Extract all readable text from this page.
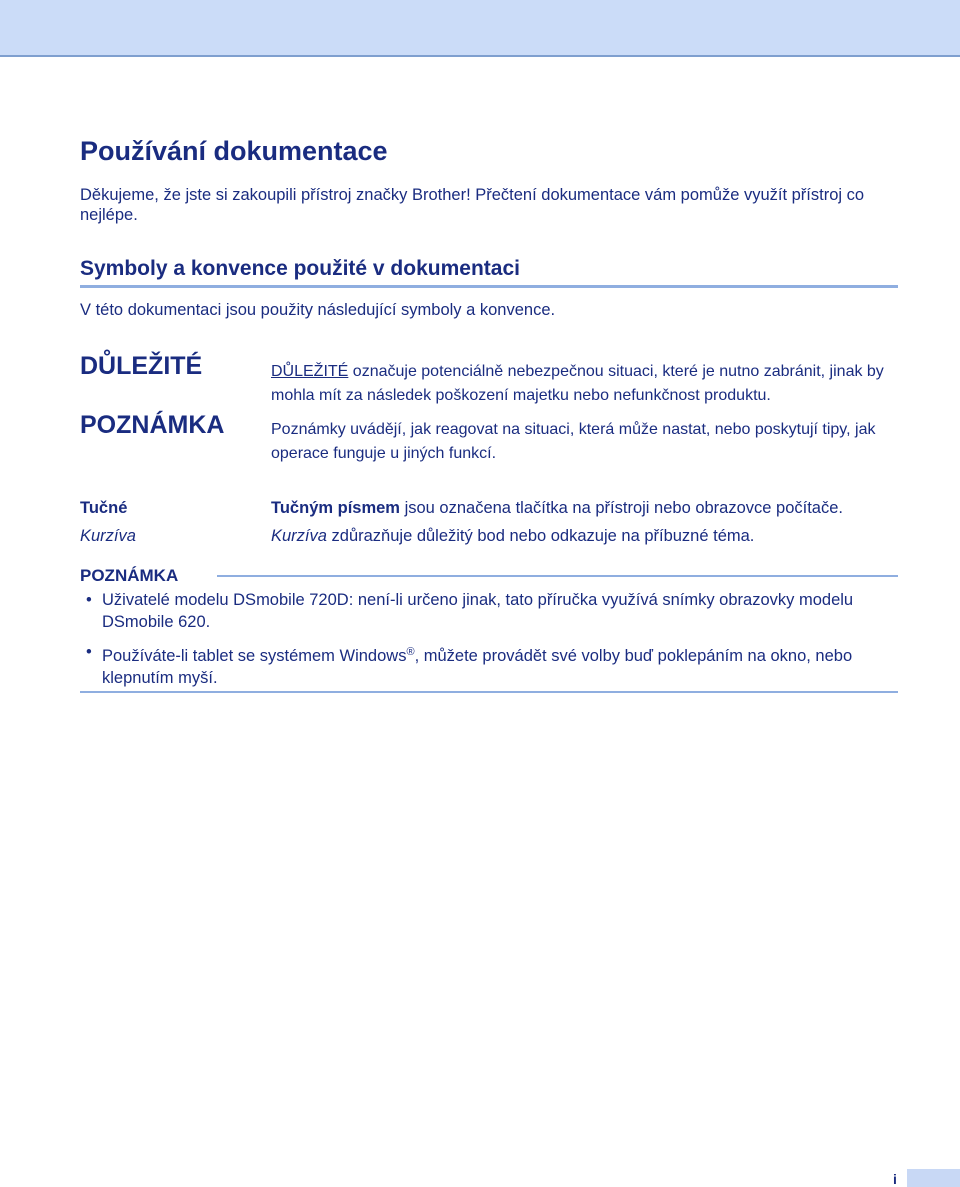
Používání dokumentace

Děkujeme, že jste si zakoupili přístroj značky Brother! Přečtení dokumentace vám pomůže využít přístroj co nejlépe.

Symboly a konvence použité v dokumentaci

V této dokumentaci jsou použity následující symboly a konvence.

DŮLEŽITÉ	DŮLEŽITÉ označuje potenciálně nebezpečnou situaci, které je nutno zabránit, jinak by mohla mít za následek poškození majetku nebo nefunkčnost produktu.
POZNÁMKA	Poznámky uvádějí, jak reagovat na situaci, která může nastat, nebo poskytují tipy, jak operace funguje u jiných funkcí.
Tučné	Tučným písmem jsou označena tlačítka na přístroji nebo obrazovce počítače.
Kurzíva	Kurzíva zdůrazňuje důležitý bod nebo odkazuje na příbuzné téma.
POZNÁMKA
• Uživatelé modelu DSmobile 720D: není-li určeno jinak, tato příručka využívá snímky obrazovky modelu DSmobile 620.
• Používáte-li tablet se systémem Windows®, můžete provádět své volby buď poklepáním na okno, nebo klepnutím myší.
i
